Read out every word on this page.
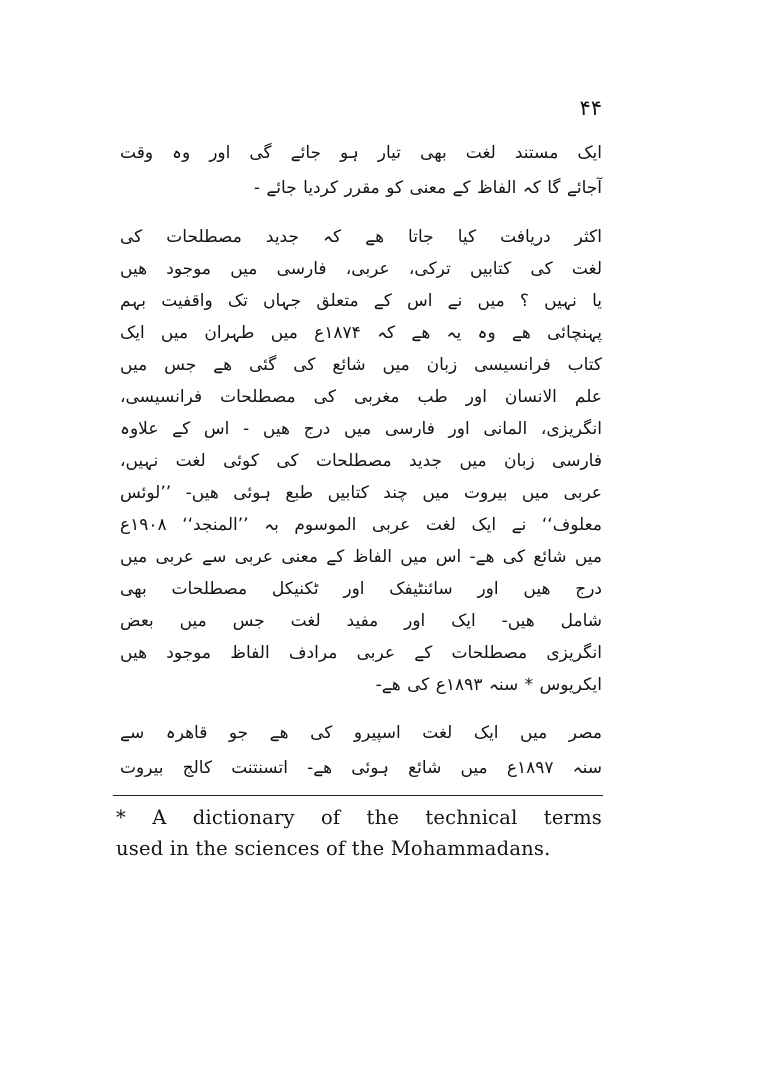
۴۴
ایک مستند لغت بھی تیار ہو جائے گی اور وہ وقت
آجائے گا کہ الفاظ کے معنی کو مقرر کردیا جائے -
اکثر دریافت کیا جاتا ھے کہ جدید مصطلحات کی
لغت کی کتابیں ترکی، عربی، فارسی میں موجود ھیں
یا نہیں ؟ میں نے اس کے متعلق جہاں تک واقفیت بہم
پہنچائی ھے وہ یہ ھے کہ ۱۸۷۴ع میں طہران میں ایک
کتاب فرانسیسی زبان میں شائع کی گئی ھے جس میں
علم الانسان اور طب مغربی کی مصطلحات فرانسیسی،
انگریزی، المانی اور فارسی میں درج ھیں - اس کے علاوہ
فارسی زبان میں جدید مصطلحات کی کوئی لغت نہیں،
عربی میں بیروت میں چند کتابیں طبع ہوئی ھیں- ’’لوئس
معلوف‘‘ نے ایک لغت عربی الموسوم بہ ’’المنجد‘‘ ۱۹۰۸ع
میں شائع کی ھے- اس میں الفاظ کے معنی عربی سے عربی میں
درج ھیں اور سائنٹیفک اور ٹکنیکل مصطلحات بھی
شامل ھیں- ایک اور مفید لغت جس میں بعض
انگریزی مصطلحات کے عربی مرادف الفاظ موجود ھیں
ایکریوس * سنہ ۱۸۹۳ع کی ھے-
مصر میں ایک لغت اسپیرو کی ھے جو قاھرہ سے
سنہ ۱۸۹۷ع میں شائع ہوئی ھے- اتسنتنت کالج بیروت
* A dictionary of the technical terms
used in the sciences of the Mohammadans.
